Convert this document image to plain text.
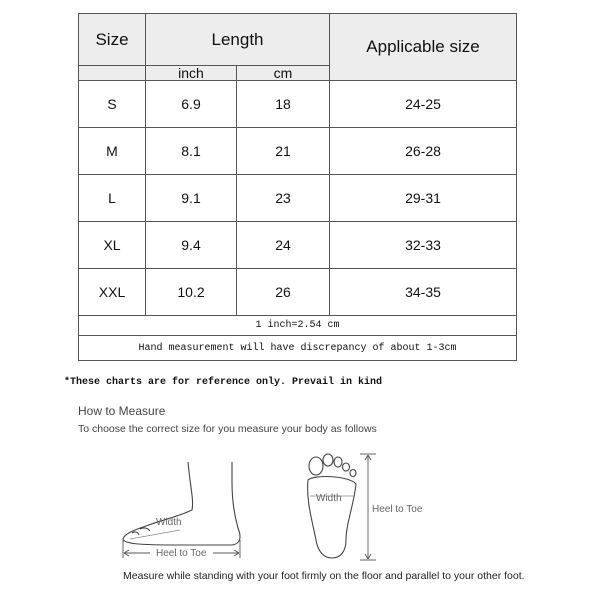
Size	Length		Applicable size
	inch	cm	
S	6.9	18	24-25
M	8.1	21	26-28
L	9.1	23	29-31
XL	9.4	24	32-33
XXL	10.2	26	34-35
1 inch=2.54 cm			
Hand measurement will have discrepancy of about 1-3cm			
*These charts are for reference only. Prevail in kind
How to Measure
To choose the correct size for you measure your body as follows
Width
Heel to Toe
Width
Heel to Toe
Measure while standing with your foot firmly on the floor and parallel to your other foot.
